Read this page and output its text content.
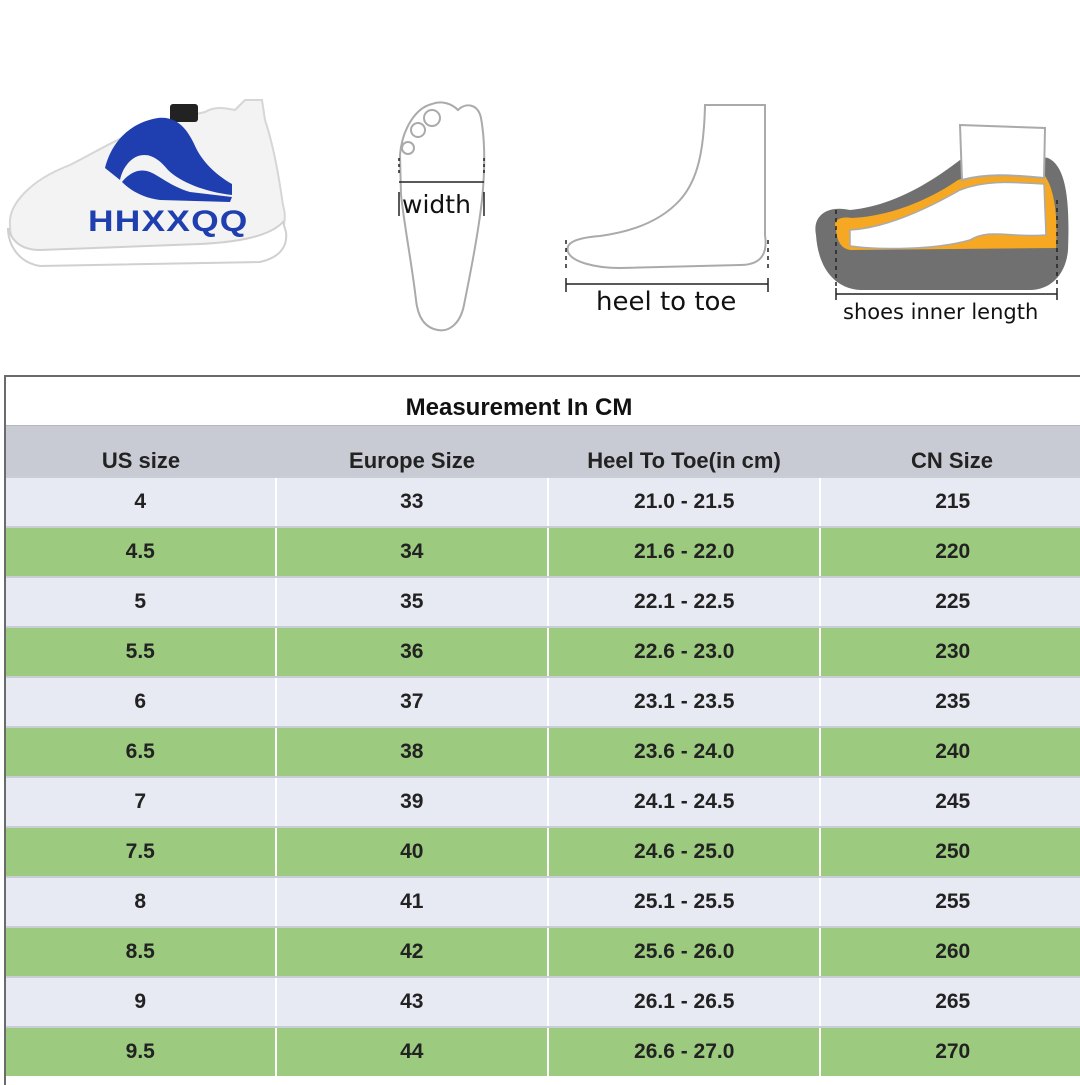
HHXXQQ
width
heel to toe	shoes inner length
Measurement In CM
US size	Europe Size	Heel To Toe(in cm)	CN Size
4	33	21.0 - 21.5	215
4.5	34	21.6 - 22.0	220
5	35	22.1 - 22.5	225
5.5	36	22.6 - 23.0	230
6	37	23.1 - 23.5	235
6.5	38	23.6 - 24.0	240
7	39	24.1 - 24.5	245
7.5	40	24.6 - 25.0	250
8	41	25.1 - 25.5	255
8.5	42	25.6 - 26.0	260
9	43	26.1 - 26.5	265
9.5	44	26.6 - 27.0	270
